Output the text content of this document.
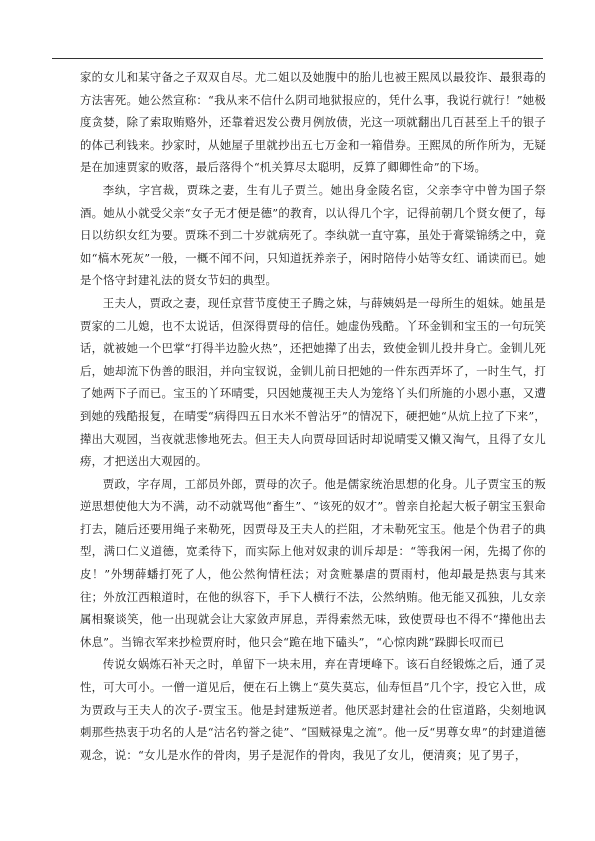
家的女儿和某守备之子双双自尽。尤二姐以及她腹中的胎儿也被王熙凤以最狡诈、最狠毒的方法害死。她公然宣称：“我从来不信什么阴司地狱报应的，凭什么事，我说行就行！”她极度贪婪，除了索取贿赂外，还靠着迟发公费月例放债，光这一项就翻出几百甚至上千的银子的体己利钱来。抄家时，从她屋子里就抄出五七万金和一箱借券。王熙凤的所作所为，无疑是在加速贾家的败落，最后落得个“机关算尽太聪明，反算了卿卿性命”的下场。

李纨，字宫裁，贾珠之妻，生有儿子贾兰。她出身金陵名宦，父亲李守中曾为国子祭酒。她从小就受父亲“女子无才便是德”的教育，以认得几个字，记得前朝几个贤女便了，每日以纺织女红为要。贾珠不到二十岁就病死了。李纨就一直守寡，虽处于膏粱锦绣之中，竟如“槁木死灰”一般，一概不闻不问，只知道抚养亲子，闲时陪侍小姑等女红、诵读而已。她是个恪守封建礼法的贤女节妇的典型。

王夫人，贾政之妻，现任京营节度使王子腾之妹，与薛姨妈是一母所生的姐妹。她虽是贾家的二儿媳，也不太说话，但深得贾母的信任。她虚伪残酷。丫环金钏和宝玉的一句玩笑话，就被她一个巴掌“打得半边脸火热”，还把她撵了出去，致使金钏儿投井身亡。金钏儿死后，她却流下伪善的眼泪，并向宝钗说，金钏儿前日把她的一件东西弄坏了，一时生气，打了她两下子而已。宝玉的丫环晴雯，只因她蔑视王夫人为笼络丫头们所施的小恩小惠，又遭到她的残酷报复，在晴雯“病得四五日水米不曾沾牙”的情况下，硬把她“从炕上拉了下来”，撵出大观园，当夜就悲惨地死去。但王夫人向贾母回话时却说晴雯又懒又淘气，且得了女儿痨，才把送出大观园的。

贾政，字存周，工部员外郎，贾母的次子。他是儒家统治思想的化身。儿子贾宝玉的叛逆思想使他大为不满，动不动就骂他“畜生”、“该死的奴才”。曾亲自抡起大板子朝宝玉狠命打去，随后还要用绳子来勒死，因贾母及王夫人的拦阻，才未勒死宝玉。他是个伪君子的典型，满口仁义道德，宽柔待下，而实际上他对奴隶的训斥却是：“等我闲一闲，先揭了你的皮！”外甥薛蟠打死了人，他公然徇情枉法；对贪赃暴虐的贾雨村，他却最是热衷与其来往；外放江西粮道时，在他的纵容下，手下人横行不法，公然纳贿。他无能又孤独，儿女亲属相聚谈笑，他一出现就会让大家敛声屏息，弄得索然无味，致使贾母也不得不“撵他出去休息”。当锦衣军来抄检贾府时，他只会“跪在地下磕头”，“心惊肉跳”跺脚长叹而已

传说女娲炼石补天之时，单留下一块未用，弃在青埂峰下。该石自经锻炼之后，通了灵性，可大可小。一僧一道见后，便在石上镌上“莫失莫忘，仙寿恒昌”几个字，投它入世，成为贾政与王夫人的次子-贾宝玉。他是封建叛逆者。他厌恶封建社会的仕宦道路，尖刻地讽刺那些热衷于功名的人是“沽名钓誉之徒”、“国贼禄鬼之流”。他一反“男尊女卑”的封建道德观念，说：“女儿是水作的骨肉，男子是泥作的骨肉，我见了女儿，便清爽；见了男子，
